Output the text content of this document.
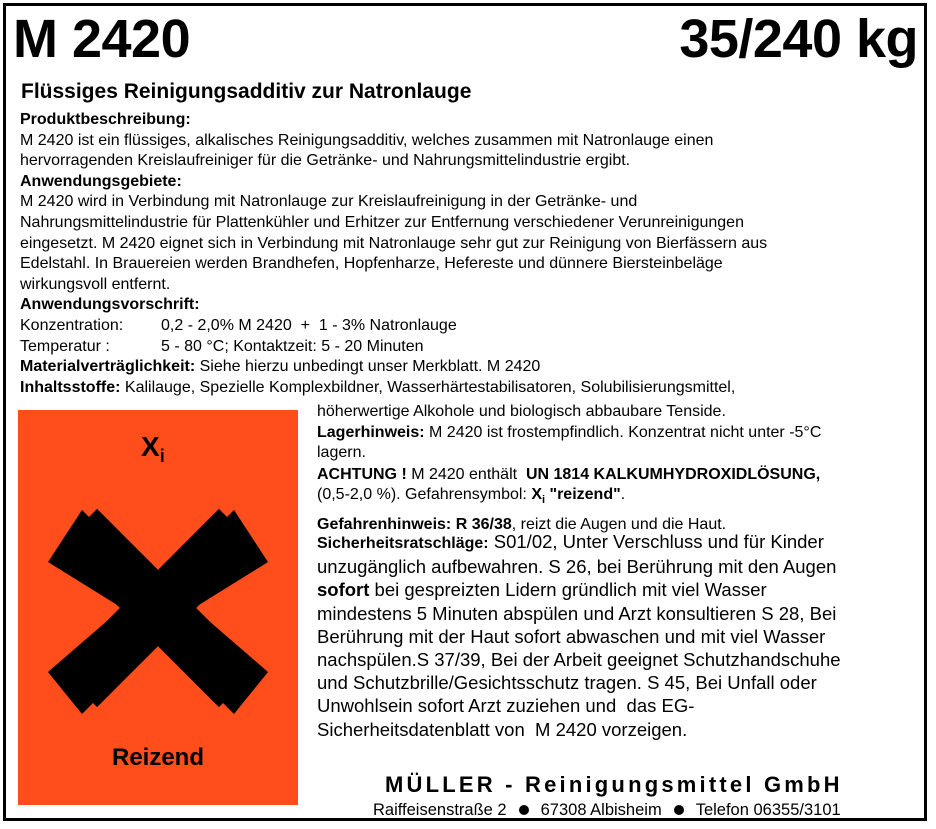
M 2420	35/240 kg
Flüssiges Reinigungsadditiv zur Natronlauge
Produktbeschreibung:
M 2420 ist ein flüssiges, alkalisches Reinigungsadditiv, welches zusammen mit Natronlauge einen
hervorragenden Kreislaufreiniger für die Getränke- und Nahrungsmittelindustrie ergibt.
Anwendungsgebiete:
M 2420 wird in Verbindung mit Natronlauge zur Kreislaufreinigung in der Getränke- und
Nahrungsmittelindustrie für Plattenkühler und Erhitzer zur Entfernung verschiedener Verunreinigungen
eingesetzt. M 2420 eignet sich in Verbindung mit Natronlauge sehr gut zur Reinigung von Bierfässern aus
Edelstahl. In Brauereien werden Brandhefen, Hopfenharze, Hefereste und dünnere Biersteinbeläge
wirkungsvoll entfernt.
Anwendungsvorschrift:
Konzentration: 0,2 - 2,0% M 2420  +  1 - 3% Natronlauge
Temperatur :	5 - 80 °C; Kontaktzeit: 5 - 20 Minuten
Materialverträglichkeit: Siehe hierzu unbedingt unser Merkblatt. M 2420
Inhaltsstoffe: Kalilauge, Spezielle Komplexbildner, Wasserhärtestabilisatoren, Solubilisierungsmittel,
$X_i$
Reizend
höherwertige Alkohole und biologisch abbaubare Tenside.
Lagerhinweis: M 2420 ist frostempfindlich. Konzentrat nicht unter -5°C
lagern.
ACHTUNG ! M 2420 enthält  UN 1814 KALKUMHYDROXIDLÖSUNG,
(0,5-2,0 %). Gefahrensymbol: $X_i$ "reizend".
Gefahrenhinweis: R 36/38, reizt die Augen und die Haut.
Sicherheitsratschläge: S01/02, Unter Verschluss und für Kinder
unzugänglich aufbewahren. S 26, bei Berührung mit den Augen
sofort bei gespreizten Lidern gründlich mit viel Wasser
mindestens 5 Minuten abspülen und Arzt konsultieren S 28, Bei
Berührung mit der Haut sofort abwaschen und mit viel Wasser
nachspülen.S 37/39, Bei der Arbeit geeignet Schutzhandschuhe
und Schutzbrille/Gesichtsschutz tragen. S 45, Bei Unfall oder
Unwohlsein sofort Arzt zuziehen und  das EG-
Sicherheitsdatenblatt von  M 2420 vorzeigen.
MÜLLER - Reinigungsmittel GmbH
Raiffeisenstraße 2 67308 Albisheim Telefon 06355/3101
